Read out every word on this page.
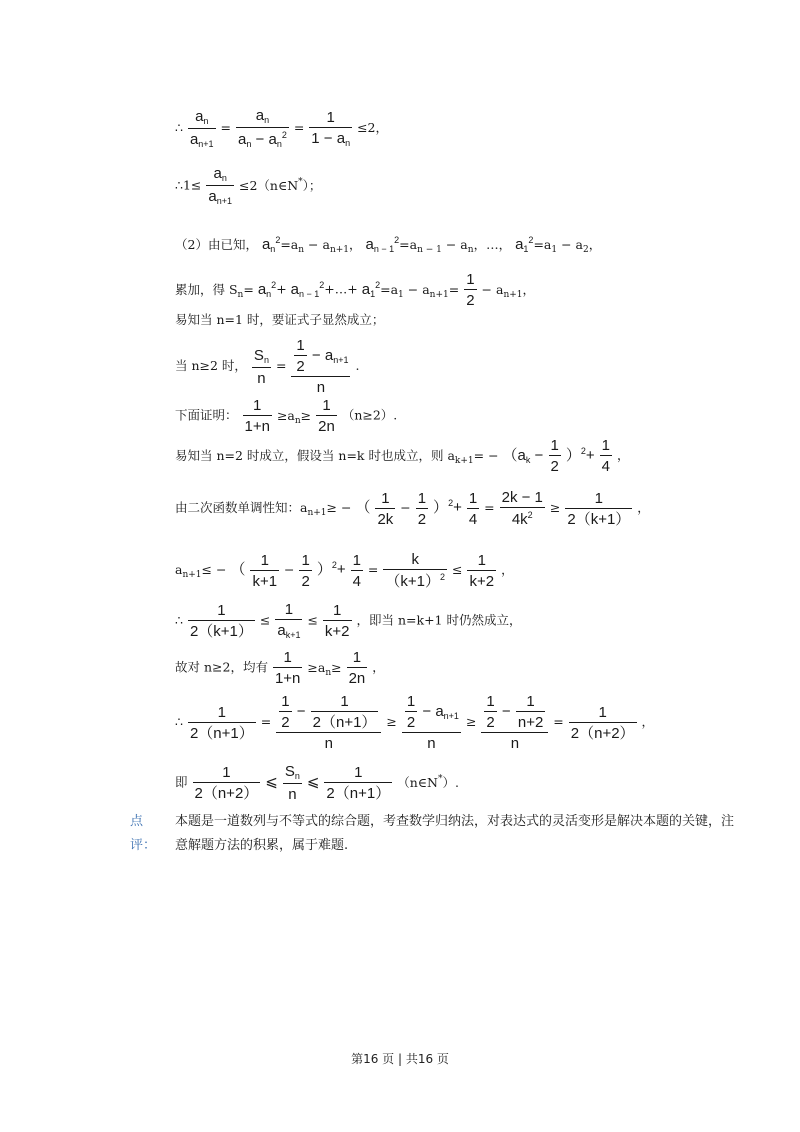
∴ $\frac{a_n}{a_{n+1}} = \frac{a_n}{a_n - a_n^2} = \frac{1}{1 - a_n} \le 2$，
∴1≤ $\frac{a_n}{a_{n+1}}$ ≤2（n∈N*）；
（2）由已知， $a_n^2=a_n - a_{n+1}$， $a_{n - 1}^2=a_{n - 1} - a_n$，…， $a_1^2=a_1 - a_2$，
累加，得 $S_n= a_n^2+$ $a_{n - 1}^2+\dots+ a_1^2=a_1 - a_{n+1}= \frac{1}{2} - a_{n+1}$，
易知当 n=1 时，要证式子显然成立；
当 n≥2 时， $\frac{S_n}{n} = \frac{\frac{1}{2} - a_{n+1}}{n}$ .
下面证明： $\frac{1}{1+n} \ge a_n\ge \frac{1}{2n} (n\ge 2)$.
易知当 n=2 时成立，假设当 n=k 时也成立，则 $a_{k+1}= - (a_k - \frac{1}{2} )^2+ \frac{1}{4}$ ，
由二次函数单调性知：$a_{n+1}\ge$ − （ $\frac{1}{2k} - \frac{1}{2} )^2+ \frac{1}{4} = \frac{2k - 1}{4k^2} \ge \frac{1}{2(k+1)}$ ，
$a_{n+1}\le$ − （ $\frac{1}{k+1} - \frac{1}{2} )^2+ \frac{1}{4} = \frac{k}{(k+1)^2} \le \frac{1}{k+2}$ ，
∴ $\frac{1}{2(k+1)} \le \frac{1}{a_{k+1}} \le \frac{1}{k+2}$ ，即当 n=k+1 时仍然成立，
故对 n≥2，均有 $\frac{1}{1+n} \ge a_n\ge \frac{1}{2n}$ ，
∴ $\frac{1}{2(n+1)} = \frac{\frac{1}{2} - \frac{1}{2(n+1)}}{n} \ge \frac{\frac{1}{2} - a_{n+1}}{n} \ge \frac{\frac{1}{2} - \frac{1}{n+2}}{n} = \frac{1}{2(n+2)}$ ，
即 $\frac{1}{2(n+2)}$ ⩽ $\frac{S_n}{n}$ ⩽ $\frac{1}{2(n+1)}$ （n∈N*）.
点评：
本题是一道数列与不等式的综合题，考查数学归纳法，对表达式的灵活变形是解决本题的关键，注意解题方法的积累，属于难题.
第16 页 | 共16 页
